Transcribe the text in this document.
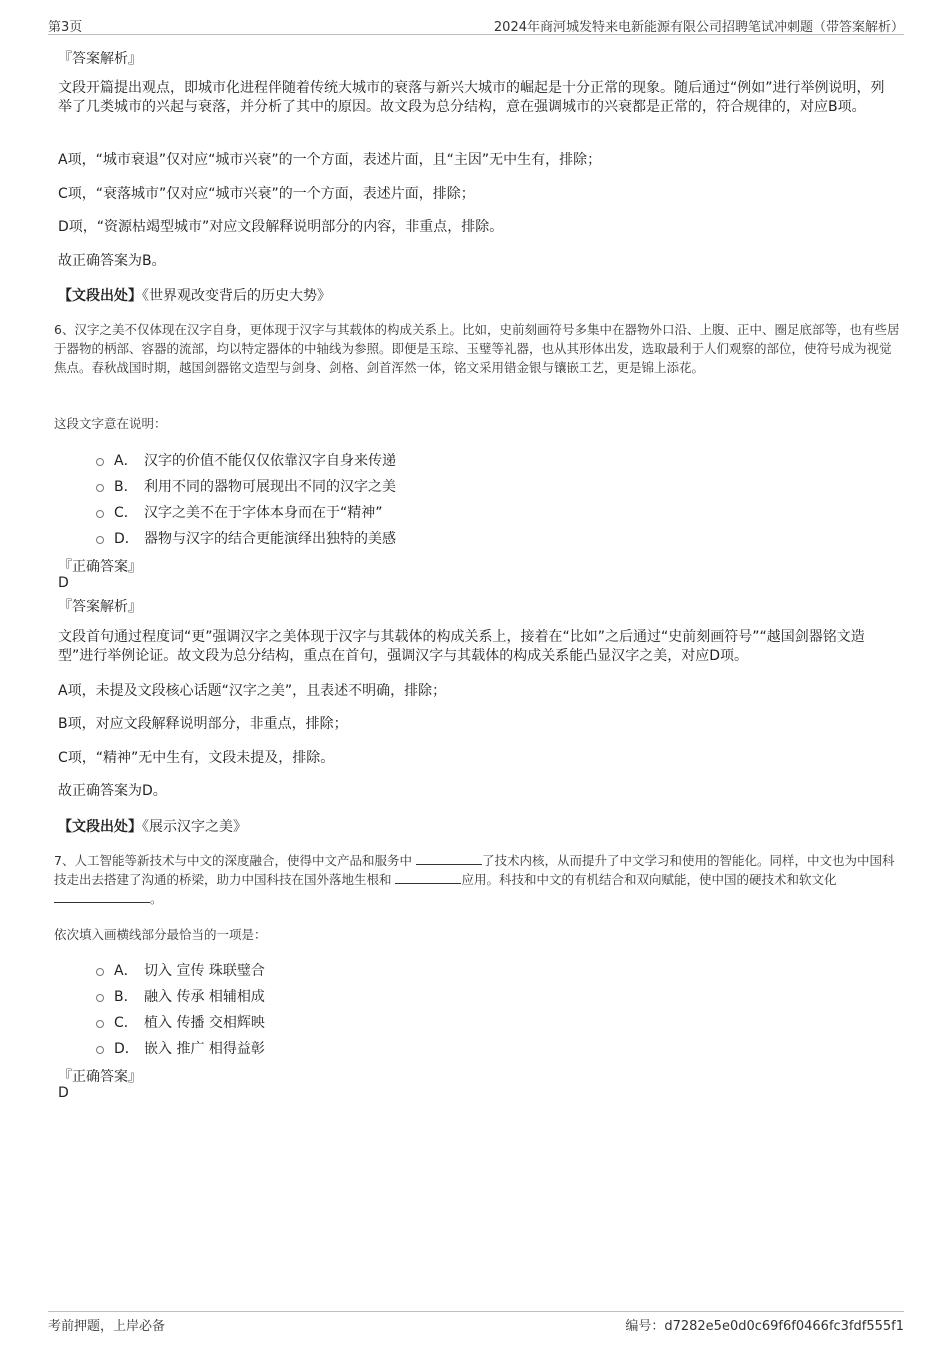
第3页	2024年商河城发特来电新能源有限公司招聘笔试冲刺题（带答案解析）
『答案解析』
文段开篇提出观点，即城市化进程伴随着传统大城市的衰落与新兴大城市的崛起是十分正常的现象。随后通过“例如”进行举例说明，列举了几类城市的兴起与衰落，并分析了其中的原因。故文段为总分结构，意在强调城市的兴衰都是正常的，符合规律的，对应B项。
A项，“城市衰退”仅对应“城市兴衰”的一个方面，表述片面，且“主因”无中生有，排除；
C项，“衰落城市”仅对应“城市兴衰”的一个方面，表述片面，排除；
D项，“资源枯竭型城市”对应文段解释说明部分的内容，非重点，排除。
故正确答案为B。
【文段出处】《世界观改变背后的历史大势》
6、汉字之美不仅体现在汉字自身，更体现于汉字与其载体的构成关系上。比如，史前刻画符号多集中在器物外口沿、上腹、正中、圈足底部等，也有些居于器物的柄部、容器的流部，均以特定器体的中轴线为参照。即便是玉琮、玉璧等礼器，也从其形体出发，选取最利于人们观察的部位，使符号成为视觉焦点。春秋战国时期，越国剑器铭文造型与剑身、剑格、剑首浑然一体，铭文采用错金银与镶嵌工艺，更是锦上添花。
这段文字意在说明：
A． 汉字的价值不能仅仅依靠汉字自身来传递
B． 利用不同的器物可展现出不同的汉字之美
C． 汉字之美不在于字体本身而在于“精神”
D． 器物与汉字的结合更能演绎出独特的美感
『正确答案』
D
『答案解析』
文段首句通过程度词“更”强调汉字之美体现于汉字与其载体的构成关系上，接着在“比如”之后通过“史前刻画符号”“越国剑器铭文造型”进行举例论证。故文段为总分结构，重点在首句，强调汉字与其载体的构成关系能凸显汉字之美，对应D项。
A项，未提及文段核心话题“汉字之美”，且表述不明确，排除；
B项，对应文段解释说明部分，非重点，排除；
C项，“精神”无中生有，文段未提及，排除。
故正确答案为D。
【文段出处】《展示汉字之美》
7、人工智能等新技术与中文的深度融合，使得中文产品和服务中	了技术内核，从而提升了中文学习和使用的智能化。同样，中文也为中国科技走出去搭建了沟通的桥梁，助力中国科技在国外落地生根和	应用。科技和中文的有机结合和双向赋能，使中国的硬技术和软文化 。
依次填入画横线部分最恰当的一项是：
A． 切入 宣传 珠联璧合
B． 融入 传承 相辅相成
C． 植入 传播 交相辉映
D． 嵌入 推广 相得益彰
『正确答案』
D
考前押题，上岸必备	编号：d7282e5e0d0c69f6f0466fc3fdf555f1
